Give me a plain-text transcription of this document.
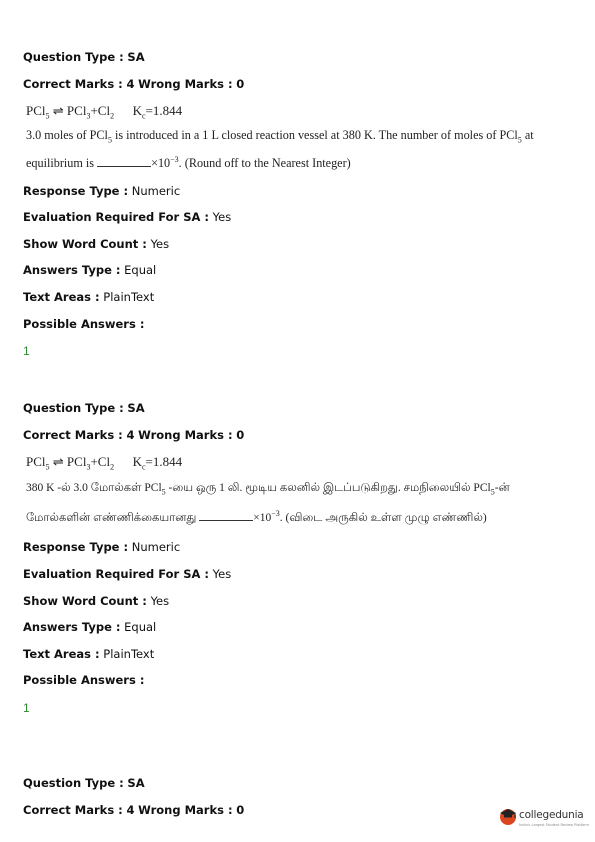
Question Type : SA
Correct Marks : 4 Wrong Marks : 0
PCl$_5$ ⇌ $PCl_3+Cl_2$ $K_c=1.844$
3.0 moles of PCl$_5$ is introduced in a 1 L closed reaction vessel at 380 K. The number of moles of PCl$_5$ at equilibrium is	$\times 10^{-3}$. (Round off to the Nearest Integer)
Response Type : Numeric
Evaluation Required For SA : Yes
Show Word Count : Yes
Answers Type : Equal
Text Areas : PlainText
Possible Answers :
1
Question Type : SA
Correct Marks : 4 Wrong Marks : 0
PCl$_5$ ⇌ $PCl_3+Cl_2$ $K_c=1.844$
380 K -ல் 3.0 மோல்கள் PCl$_5$ -யை ஒரு 1 லி. மூடிய கலனில் இடப்படுகிறது. சமநிலையில் PCl$_5$-ன் மோல்களின் எண்ணிக்கையானது	$\times 10^{-3}$. (விடை அருகில் உள்ள முழு எண்ணில்)
Response Type : Numeric
Evaluation Required For SA : Yes
Show Word Count : Yes
Answers Type : Equal
Text Areas : PlainText
Possible Answers :
1
Question Type : SA
Correct Marks : 4 Wrong Marks : 0	collegedunia
India's Largest Student Review Platform
